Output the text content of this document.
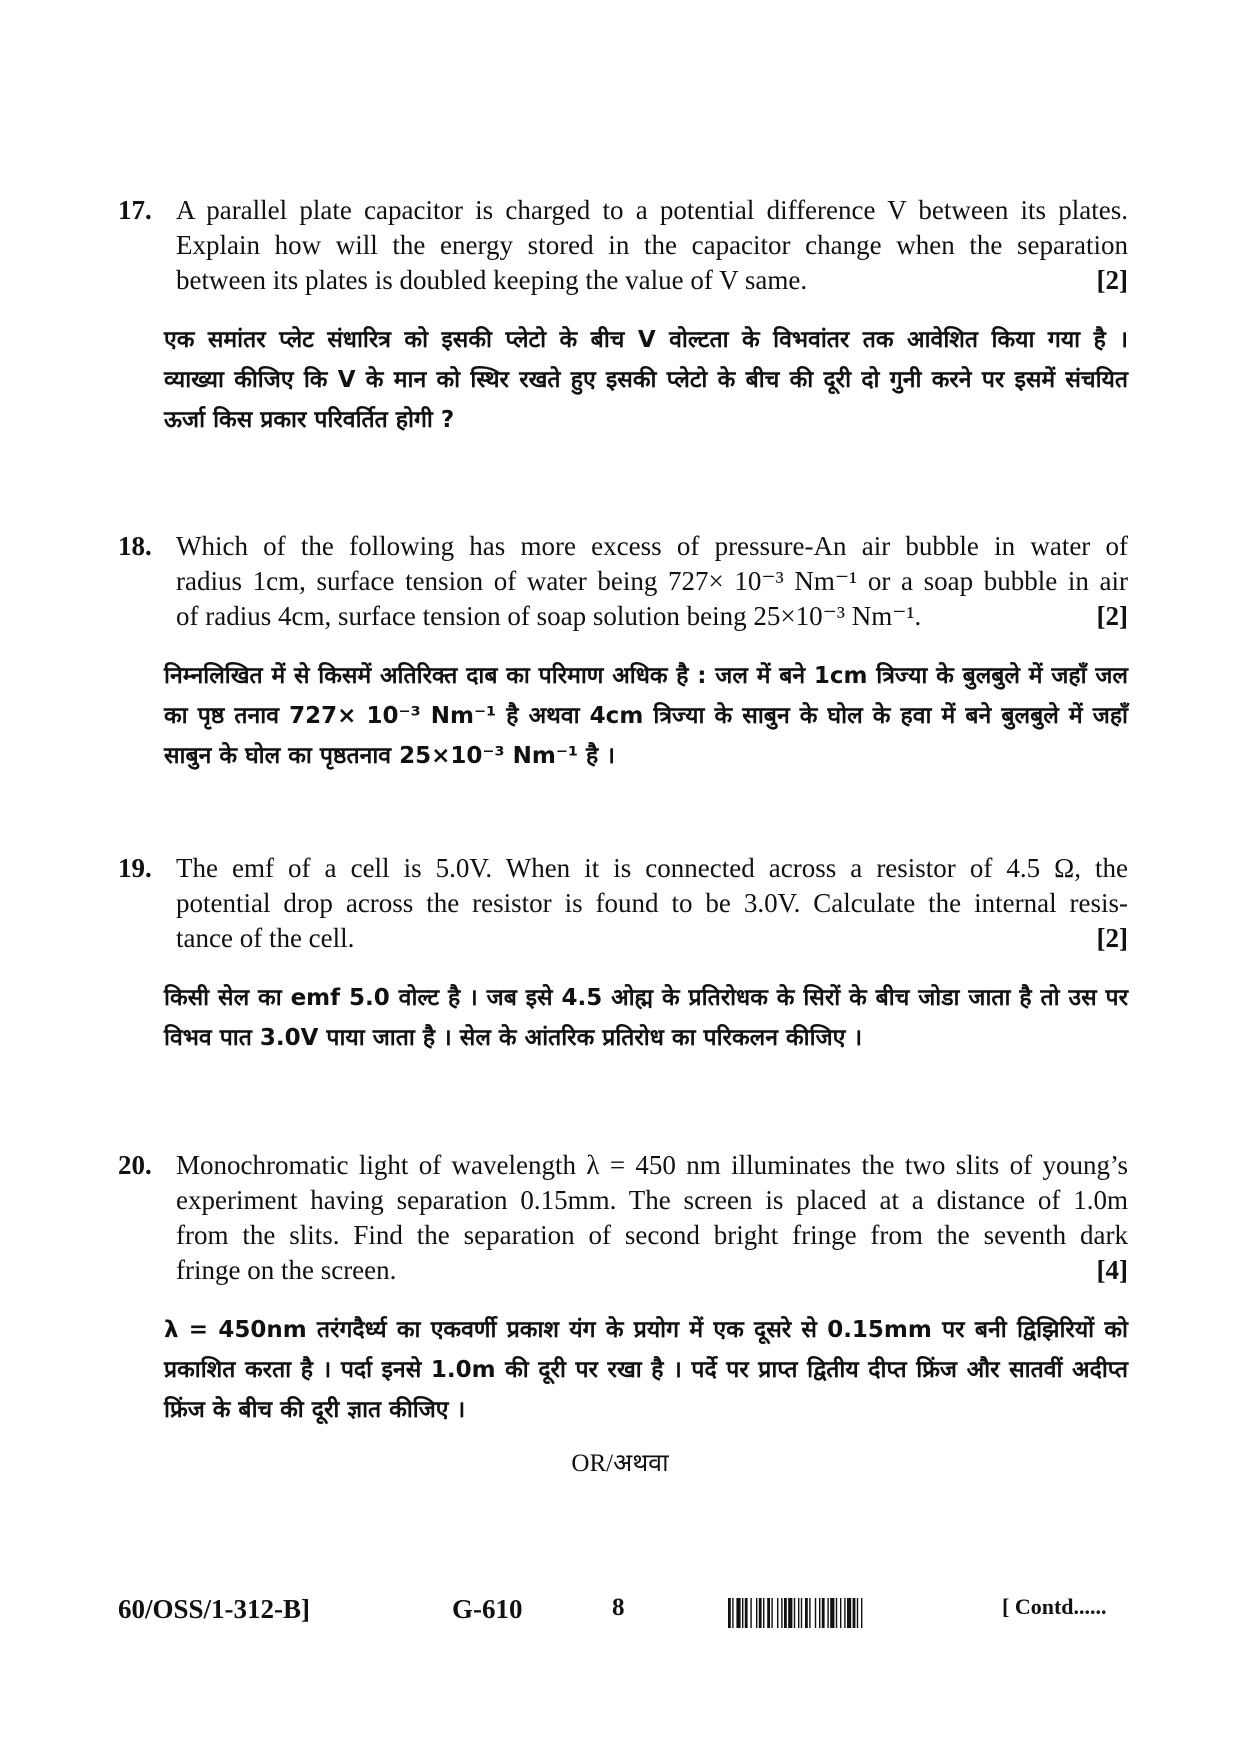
17. A parallel plate capacitor is charged to a potential difference V between its plates.
Explain how will the energy stored in the capacitor change when the separation
between its plates is doubled keeping the value of V same.	[2]
एक समांतर प्लेट संधारित्र को इसकी प्लेटो के बीच V वोल्टता के विभवांतर तक आवेशित किया गया है ।
व्याख्या कीजिए कि V के मान को स्थिर रखते हुए इसकी प्लेटो के बीच की दूरी दो गुनी करने पर इसमें संचयित
ऊर्जा किस प्रकार परिवर्तित होगी ?
18. Which of the following has more excess of pressure-An air bubble in water of
radius 1cm, surface tension of water being 727× 10⁻³ Nm⁻¹ or a soap bubble in air
of radius 4cm, surface tension of soap solution being 25×10⁻³ Nm⁻¹.	[2]
निम्नलिखित में से किसमें अतिरिक्त दाब का परिमाण अधिक है : जल में बने 1cm त्रिज्या के बुलबुले में जहाँ जल
का पृष्ठ तनाव 727× 10⁻³ Nm⁻¹ है अथवा 4cm त्रिज्या के साबुन के घोल के हवा में बने बुलबुले में जहाँ
साबुन के घोल का पृष्ठतनाव 25×10⁻³ Nm⁻¹ है ।
19. The emf of a cell is 5.0V. When it is connected across a resistor of 4.5 Ω, the
potential drop across the resistor is found to be 3.0V. Calculate the internal resis-
tance of the cell.	[2]
किसी सेल का emf 5.0 वोल्ट है । जब इसे 4.5 ओह्म के प्रतिरोधक के सिरों के बीच जोडा जाता है तो उस पर
विभव पात 3.0V पाया जाता है । सेल के आंतरिक प्रतिरोध का परिकलन कीजिए ।
20. Monochromatic light of wavelength λ = 450 nm illuminates the two slits of young’s
experiment having separation 0.15mm. The screen is placed at a distance of 1.0m
from the slits. Find the separation of second bright fringe from the seventh dark
fringe on the screen.	[4]
λ = 450nm तरंगदैर्ध्य का एकवर्णी प्रकाश यंग के प्रयोग में एक दूसरे से 0.15mm पर बनी द्विझिरियों को
प्रकाशित करता है । पर्दा इनसे 1.0m की दूरी पर रखा है । पर्दे पर प्राप्त द्वितीय दीप्त फ्रिंज और सातवीं अदीप्त
फ्रिंज के बीच की दूरी ज्ञात कीजिए ।
OR/अथवा
60/OSS/1-312-B]	G-610	8	[ Contd......
